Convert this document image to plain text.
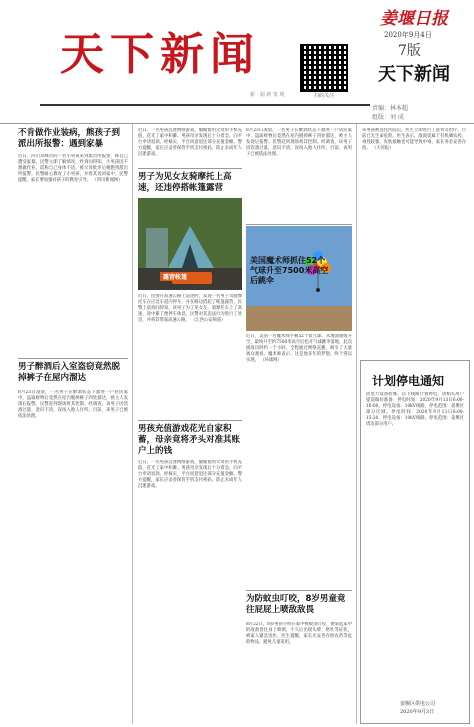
天下新闻
扫码关注
新 · 闻 新 发 现
姜堰日报
2020年9月4日
7版
天下新闻
责编：林本超
组版：刘 成
不肯做作业装病，熊孩子到派出所报警：遇到家暴
近日，四川邛崃市的一名小男孩来到派出所报警，称自己遭受家暴。民警立即了解情况，经询问得知，小男孩因不想做作业，谎称自己身体不适，被父母批评后便跑到派出所报警。民警耐心教育了小男孩，并将其送回家中。民警提醒，家长要加强对孩子的教育引导。 （四川新闻网）
男子醉酒后入室盗窃竟然脱掉裤子在屋内溜达
8月23日凌晨，一名男子在醉酒状态下溜进一户居民家中，盗取财物后竟然在屋内脱掉裤子四处溜达，被主人发现后报警。民警赶到现场将其控制。经调查，该男子因饮酒过量，意识不清，误闯入他人住所。目前，该男子已被依法处理。
近日，一名男孩沉迷网络游戏，偷偷使用父母的手机充值，花光了家中积蓄。男孩母亲发现后十分着急，向平台申请退款。经核实，平台同意退还部分充值金额。警方提醒，家长应妥善保管手机支付密码，防止未成年人沉迷游戏。
男子为见女友骑摩托上高速，还违停搭帐篷露营
露营帐篷
近日，民警在高速公路上巡逻时，发现一名男子驾驶摩托车在应急车道内停车，并在路边搭起了帐篷露营。民警上前询问得知，该男子为了见女友，骑摩托车上了高速，途中累了便停车休息。民警对其违法行为进行了处罚，并将其带离高速公路。 （江西公安频道）
男孩充值游戏花光自家积蓄，母亲竟将矛头对准其账户上的钱
近日，一名男孩沉迷网络游戏，偷偷使用父母的手机充值，花光了家中积蓄。男孩母亲发现后十分着急，向平台申请退款。经核实，平台同意退还部分充值金额。警方提醒，家长应妥善保管手机支付密码，防止未成年人沉迷游戏。
8月23日凌晨，一名男子在醉酒状态下溜进一户居民家中，盗取财物后竟然在屋内脱掉裤子四处溜达，被主人发现后报警。民警赶到现场将其控制。经调查，该男子因饮酒过量，意识不清，误闯入他人住所。目前，该男子已被依法处理。
美国魔术师抓住52个气球升至7500米高空后跳伞
近日，美国一名魔术师手握52个氦气球，从地面缓缓升空，最终升至约7500米高空后松开气球跳伞落地。此次挑战历时约一个小时，全程通过网络直播，吸引了大量观众观看。魔术师表示，这是他多年的梦想，终于得以实现。 （环球网）
为防蚊虫叮咬，8岁男童竟往屁屁上喷敌敌畏
8月22日，8岁男孩小明在家中被蚊虫叮咬，便拿起家中的敌敌畏往身上喷洒，不久后出现头晕、呕吐等症状，被家人紧急送医。医生提醒，家长应妥善存放农药等危险物品，避免儿童误用。
该男孩被送往医院后，医生立即进行了洗胃等治疗，目前已无生命危险。医生表示，敌敌畏属于有机磷农药，毒性较强，皮肤接触也可能导致中毒，家长务必妥善存放。 （大河报）
计划停电通知
因电力设备检修，以下线路计划停电，请相关用户提前做好准备：停电时间：2020年9月13日6:00-16:00，停电设备：10kV线路，停电范围：姜堰区部分区域。停电时间：2020年9月13日6:00-15:30，停电设备：10kV线路，停电范围：姜堰区周边部分用户。
姜堰区供电公司
2020年9月3日
